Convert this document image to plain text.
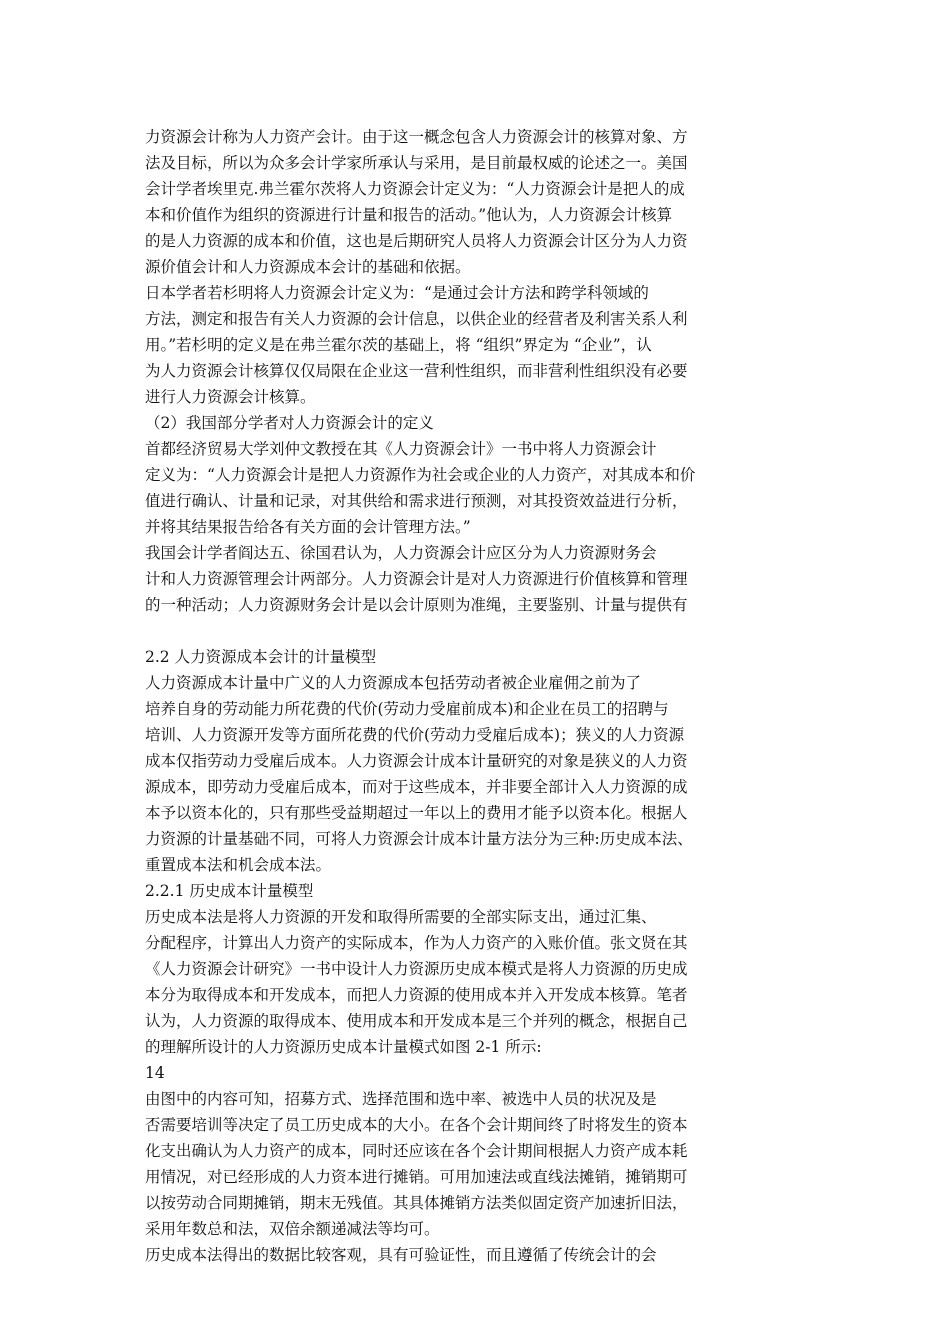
力资源会计称为人力资产会计。由于这一概念包含人力资源会计的核算对象、方
法及目标，所以为众多会计学家所承认与采用，是目前最权威的论述之一。美国
会计学者埃里克.弗兰霍尔茨将人力资源会计定义为：“人力资源会计是把人的成
本和价值作为组织的资源进行计量和报告的活动。”他认为，人力资源会计核算
的是人力资源的成本和价值，这也是后期研究人员将人力资源会计区分为人力资
源价值会计和人力资源成本会计的基础和依据。
日本学者若杉明将人力资源会计定义为：“是通过会计方法和跨学科领域的
方法，测定和报告有关人力资源的会计信息，以供企业的经营者及利害关系人利
用。”若杉明的定义是在弗兰霍尔茨的基础上，将 “组织”界定为 “企业”，认
为人力资源会计核算仅仅局限在企业这一营利性组织，而非营利性组织没有必要
进行人力资源会计核算。
（2）我国部分学者对人力资源会计的定义
首都经济贸易大学刘仲文教授在其《人力资源会计》一书中将人力资源会计
定义为：“人力资源会计是把人力资源作为社会或企业的人力资产，对其成本和价
值进行确认、计量和记录，对其供给和需求进行预测，对其投资效益进行分析，
并将其结果报告给各有关方面的会计管理方法。”
我国会计学者阎达五、徐国君认为，人力资源会计应区分为人力资源财务会
计和人力资源管理会计两部分。人力资源会计是对人力资源进行价值核算和管理
的一种活动；人力资源财务会计是以会计原则为准绳，主要鉴别、计量与提供有
2.2 人力资源成本会计的计量模型
人力资源成本计量中广义的人力资源成本包括劳动者被企业雇佣之前为了
培养自身的劳动能力所花费的代价(劳动力受雇前成本)和企业在员工的招聘与
培训、人力资源开发等方面所花费的代价(劳动力受雇后成本)；狭义的人力资源
成本仅指劳动力受雇后成本。人力资源会计成本计量研究的对象是狭义的人力资
源成本，即劳动力受雇后成本，而对于这些成本，并非要全部计入人力资源的成
本予以资本化的，只有那些受益期超过一年以上的费用才能予以资本化。根据人
力资源的计量基础不同，可将人力资源会计成本计量方法分为三种:历史成本法、
重置成本法和机会成本法。
2.2.1 历史成本计量模型
历史成本法是将人力资源的开发和取得所需要的全部实际支出，通过汇集、
分配程序，计算出人力资产的实际成本，作为人力资产的入账价值。张文贤在其
《人力资源会计研究》一书中设计人力资源历史成本模式是将人力资源的历史成
本分为取得成本和开发成本，而把人力资源的使用成本并入开发成本核算。笔者
认为，人力资源的取得成本、使用成本和开发成本是三个并列的概念，根据自己
的理解所设计的人力资源历史成本计量模式如图 2-1 所示:
14
由图中的内容可知，招募方式、选择范围和选中率、被选中人员的状况及是
否需要培训等决定了员工历史成本的大小。在各个会计期间终了时将发生的资本
化支出确认为人力资产的成本，同时还应该在各个会计期间根据人力资产成本耗
用情况，对已经形成的人力资本进行摊销。可用加速法或直线法摊销，摊销期可
以按劳动合同期摊销，期末无残值。其具体摊销方法类似固定资产加速折旧法，
采用年数总和法，双倍余额递减法等均可。
历史成本法得出的数据比较客观，具有可验证性，而且遵循了传统会计的会
